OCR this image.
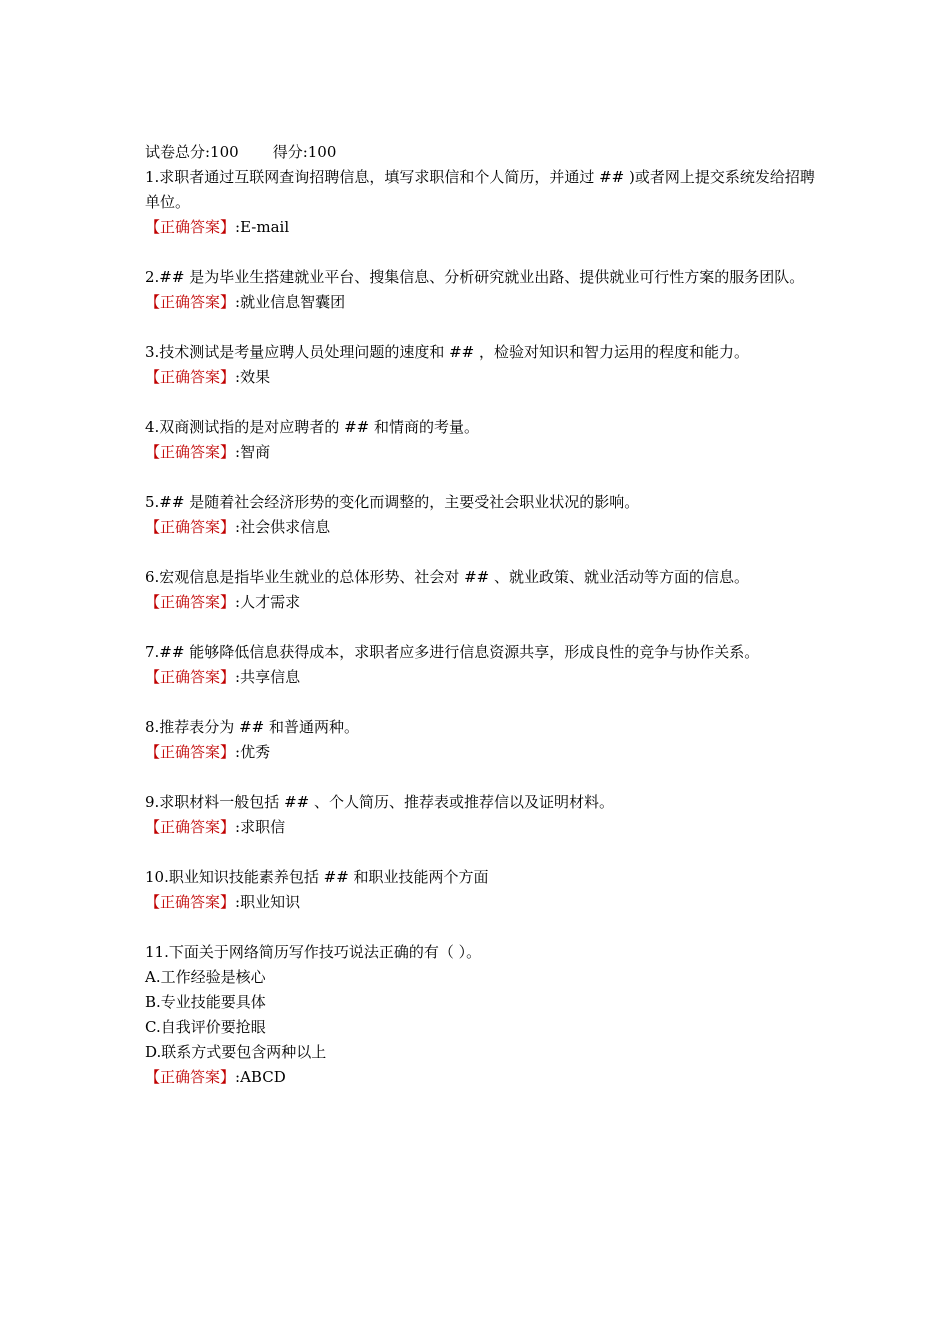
试卷总分:100 得分:100

1.求职者通过互联网查询招聘信息，填写求职信和个人简历，并通过 ## )或者网上提交系统发给招聘单位。

【正确答案】:E-mail

2.## 是为毕业生搭建就业平台、搜集信息、分析研究就业出路、提供就业可行性方案的服务团队。

【正确答案】:就业信息智囊团

3.技术测试是考量应聘人员处理问题的速度和 ## ，检验对知识和智力运用的程度和能力。

【正确答案】:效果

4.双商测试指的是对应聘者的 ## 和情商的考量。

【正确答案】:智商

5.## 是随着社会经济形势的变化而调整的，主要受社会职业状况的影响。

【正确答案】:社会供求信息

6.宏观信息是指毕业生就业的总体形势、社会对 ## 、就业政策、就业活动等方面的信息。

【正确答案】:人才需求

7.## 能够降低信息获得成本，求职者应多进行信息资源共享，形成良性的竞争与协作关系。

【正确答案】:共享信息

8.推荐表分为 ## 和普通两种。

【正确答案】:优秀

9.求职材料一般包括 ## 、个人简历、推荐表或推荐信以及证明材料。

【正确答案】:求职信

10.职业知识技能素养包括 ## 和职业技能两个方面

【正确答案】:职业知识

11.下面关于网络简历写作技巧说法正确的有（ ）。

A.工作经验是核心

B.专业技能要具体

C.自我评价要抢眼

D.联系方式要包含两种以上

【正确答案】:ABCD
